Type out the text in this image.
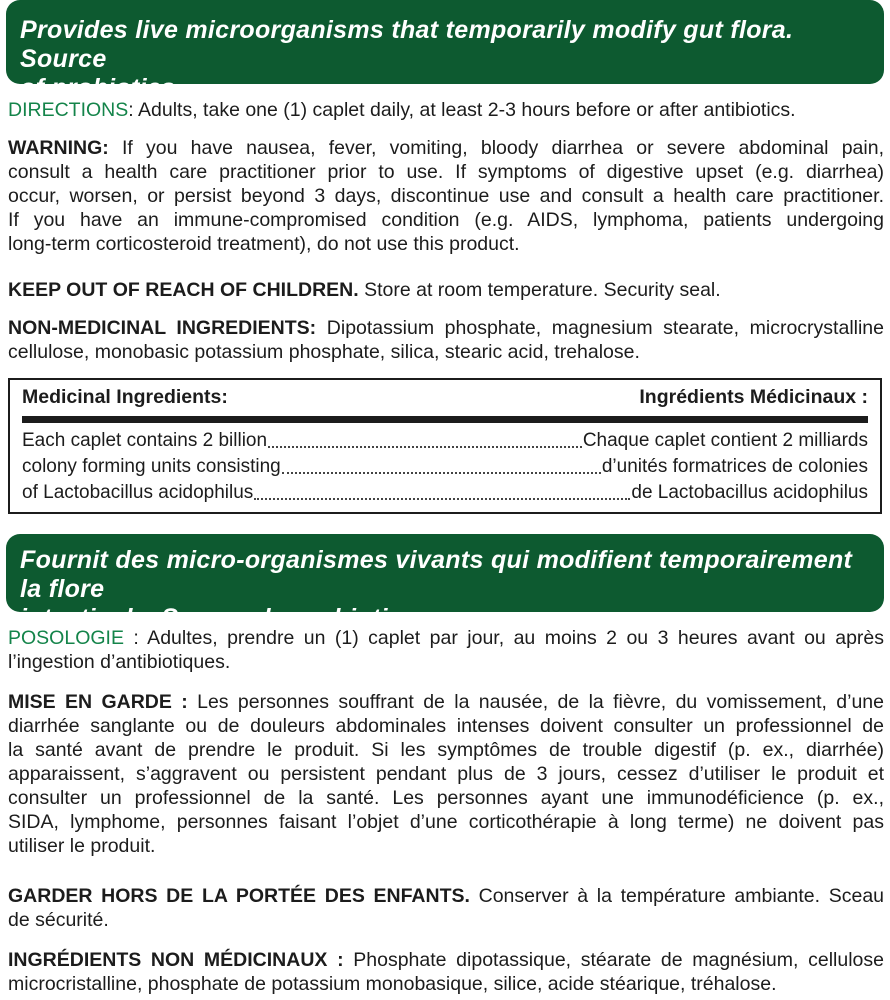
Provides live microorganisms that temporarily modify gut flora. Source
of probiotics.

DIRECTIONS: Adults, take one (1) caplet daily, at least 2-3 hours before or after antibiotics.

WARNING: If you have nausea, fever, vomiting, bloody diarrhea or severe abdominal pain,
consult a health care practitioner prior to use. If symptoms of digestive upset (e.g. diarrhea)
occur, worsen, or persist beyond 3 days, discontinue use and consult a health care practitioner.
If you have an immune-compromised condition (e.g. AIDS, lymphoma, patients undergoing
long-term corticosteroid treatment), do not use this product.

KEEP OUT OF REACH OF CHILDREN. Store at room temperature. Security seal.

NON-MEDICINAL INGREDIENTS: Dipotassium phosphate, magnesium stearate, microcrystalline
cellulose, monobasic potassium phosphate, silica, stearic acid, trehalose.

Medicinal Ingredients:	Ingrédients Médicinaux :
Each caplet contains 2 billion	Chaque caplet contient 2 milliards
colony forming units consisting	d’unités formatrices de colonies
of Lactobacillus acidophilus	de Lactobacillus acidophilus
Fournit des micro-organismes vivants qui modifient temporairement la flore
intestinale. Source de probiotiques.

POSOLOGIE : Adultes, prendre un (1) caplet par jour, au moins 2 ou 3 heures avant ou après
l’ingestion d’antibiotiques.

MISE EN GARDE : Les personnes souffrant de la nausée, de la fièvre, du vomissement, d’une
diarrhée sanglante ou de douleurs abdominales intenses doivent consulter un professionnel de
la santé avant de prendre le produit. Si les symptômes de trouble digestif (p. ex., diarrhée)
apparaissent, s’aggravent ou persistent pendant plus de 3 jours, cessez d’utiliser le produit et
consulter un professionnel de la santé. Les personnes ayant une immunodéficience (p. ex.,
SIDA, lymphome, personnes faisant l’objet d’une corticothérapie à long terme) ne doivent pas
utiliser le produit.

GARDER HORS DE LA PORTÉE DES ENFANTS. Conserver à la température ambiante. Sceau
de sécurité.

INGRÉDIENTS NON MÉDICINAUX : Phosphate dipotassique, stéarate de magnésium, cellulose
microcristalline, phosphate de potassium monobasique, silice, acide stéarique, tréhalose.
